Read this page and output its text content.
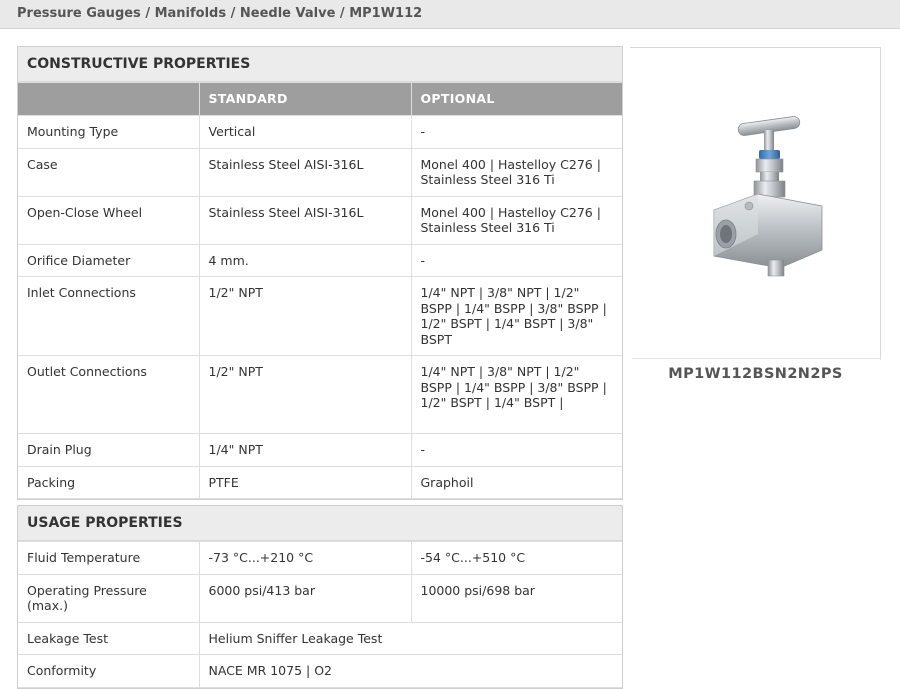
Pressure Gauges / Manifolds / Needle Valve / MP1W112
CONSTRUCTIVE PROPERTIES
	STANDARD	OPTIONAL
Mounting Type	Vertical	-
Case	Stainless Steel AISI-316L	Monel 400 | Hastelloy C276 | Stainless Steel 316 Ti
Open-Close Wheel	Stainless Steel AISI-316L	Monel 400 | Hastelloy C276 | Stainless Steel 316 Ti
Orifice Diameter	4 mm.	-
Inlet Connections	1/2" NPT	1/4" NPT | 3/8" NPT | 1/2" BSPP | 1/4" BSPP | 3/8" BSPP | 1/2" BSPT | 1/4" BSPT | 3/8" BSPT
Outlet Connections	1/2" NPT	1/4" NPT | 3/8" NPT | 1/2" BSPP | 1/4" BSPP | 3/8" BSPP | 1/2" BSPT | 1/4" BSPT |
Drain Plug	1/4" NPT	-
Packing	PTFE	Graphoil
USAGE PROPERTIES
Fluid Temperature	-73 °C...+210 °C	-54 °C...+510 °C
Operating Pressure (max.)	6000 psi/413 bar	10000 psi/698 bar
Leakage Test	Helium Sniffer Leakage Test	
Conformity	NACE MR 1075 | O2	
MP1W112BSN2N2PS
